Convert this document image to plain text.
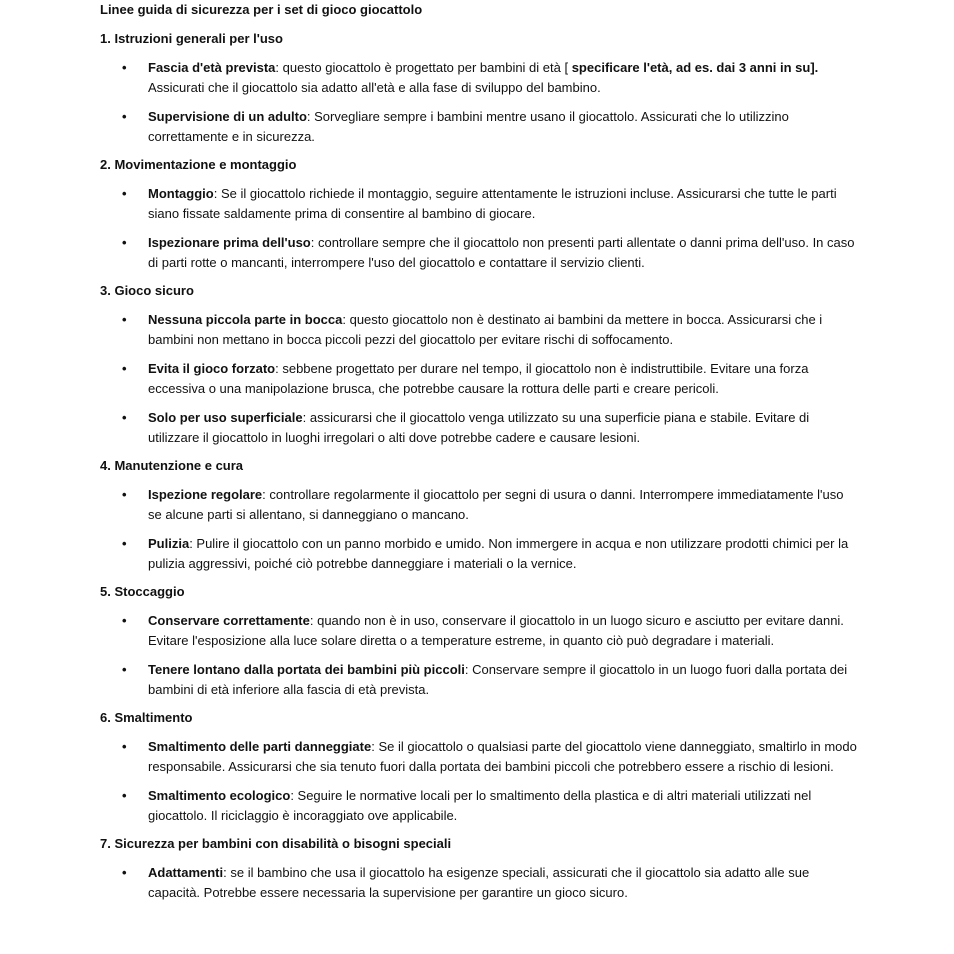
Linee guida di sicurezza per i set di gioco giocattolo

1. Istruzioni generali per l'uso

• Fascia d'età prevista: questo giocattolo è progettato per bambini di età [ specificare l'età, ad es. dai 3 anni in su]. Assicurati che il giocattolo sia adatto all'età e alla fase di sviluppo del bambino.
• Supervisione di un adulto: Sorvegliare sempre i bambini mentre usano il giocattolo. Assicurati che lo utilizzino correttamente e in sicurezza.

2. Movimentazione e montaggio

• Montaggio: Se il giocattolo richiede il montaggio, seguire attentamente le istruzioni incluse. Assicurarsi che tutte le parti siano fissate saldamente prima di consentire al bambino di giocare.
• Ispezionare prima dell'uso: controllare sempre che il giocattolo non presenti parti allentate o danni prima dell'uso. In caso di parti rotte o mancanti, interrompere l'uso del giocattolo e contattare il servizio clienti.

3. Gioco sicuro

• Nessuna piccola parte in bocca: questo giocattolo non è destinato ai bambini da mettere in bocca. Assicurarsi che i bambini non mettano in bocca piccoli pezzi del giocattolo per evitare rischi di soffocamento.
• Evita il gioco forzato: sebbene progettato per durare nel tempo, il giocattolo non è indistruttibile. Evitare una forza eccessiva o una manipolazione brusca, che potrebbe causare la rottura delle parti e creare pericoli.
• Solo per uso superficiale: assicurarsi che il giocattolo venga utilizzato su una superficie piana e stabile. Evitare di utilizzare il giocattolo in luoghi irregolari o alti dove potrebbe cadere e causare lesioni.

4. Manutenzione e cura

• Ispezione regolare: controllare regolarmente il giocattolo per segni di usura o danni. Interrompere immediatamente l'uso se alcune parti si allentano, si danneggiano o mancano.
• Pulizia: Pulire il giocattolo con un panno morbido e umido. Non immergere in acqua e non utilizzare prodotti chimici per la pulizia aggressivi, poiché ciò potrebbe danneggiare i materiali o la vernice.

5. Stoccaggio

• Conservare correttamente: quando non è in uso, conservare il giocattolo in un luogo sicuro e asciutto per evitare danni. Evitare l'esposizione alla luce solare diretta o a temperature estreme, in quanto ciò può degradare i materiali.
• Tenere lontano dalla portata dei bambini più piccoli: Conservare sempre il giocattolo in un luogo fuori dalla portata dei bambini di età inferiore alla fascia di età prevista.

6. Smaltimento

• Smaltimento delle parti danneggiate: Se il giocattolo o qualsiasi parte del giocattolo viene danneggiato, smaltirlo in modo responsabile. Assicurarsi che sia tenuto fuori dalla portata dei bambini piccoli che potrebbero essere a rischio di lesioni.
• Smaltimento ecologico: Seguire le normative locali per lo smaltimento della plastica e di altri materiali utilizzati nel giocattolo. Il riciclaggio è incoraggiato ove applicabile.

7. Sicurezza per bambini con disabilità o bisogni speciali

• Adattamenti: se il bambino che usa il giocattolo ha esigenze speciali, assicurati che il giocattolo sia adatto alle sue capacità. Potrebbe essere necessaria la supervisione per garantire un gioco sicuro.
